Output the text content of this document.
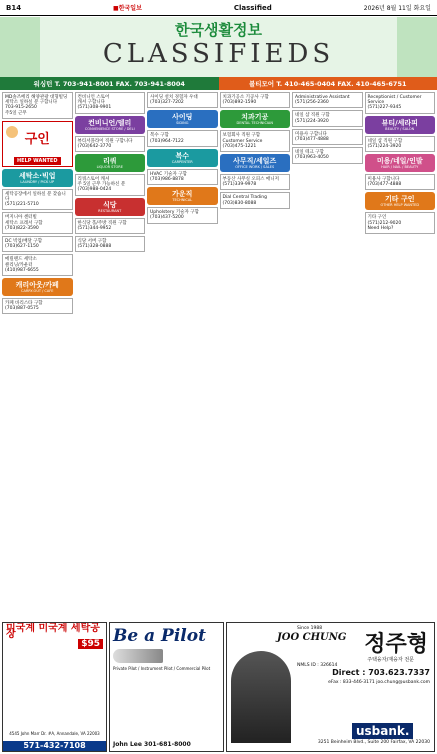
B14	■한국일보	Classified	2026년 8월 11일 화요일
한국생활정보
CLASSIFIEDS
워싱턴 T. 703-941-8001 FAX. 703-941-8004	볼티모어 T. 410-465-0404 FAX. 410-465-6751
MD솔즈베리 해양관광 대형빌딩
세탁소 일하실 분 구합니다
703-915-2650
주5일 근무
구인
HELP WANTED
세탁소·빅업
LAUNDRY / PICK UP
세탁공장에서 일하실 분 찾습니다
(571)221-5710
버지니아 센터빌
세탁소 프레서 구함
(703)822-3590
DC 빅업/배달 구함
(703)627-1150
메릴랜드 세탁소
클리닝/카운터
(410)987-6655
캐리아웃/카페
CARRY-OUT / CAFE
카페 바리스타 구함
(703)887-0575
컨비니언 스토어
캐셔 구합니다
(571)308-9901
컨비니언/델리
CONVENIENCE STORE / DELI
뷰티서플라이 직원 구합니다
(703)642-3770
리쿼
LIQUOR STORE
리쿼스토어 캐셔
주 5일 근무 가능하신 분
(703)988-0424
식당
RESTAURANT
한식당 홀/주방 직원 구함
(571)344-9952
식당 서버 구함
(571)328-0888
사이딩 설치 경험자 우대
(703)327-7202
사이딩
SIDING
복수 구함
(703)964-7122
복수
CARPENTER
HVAC 기술자 구함
(703)986-8878
가운직
TECHNICAL
Upholstery 기술자 구함
(703)437-5200
치과기공소 기공사 구함
(703)892-1590
치과기공
DENTAL TECHNICIAN
보험회사 직원 구함
Customer Service
(703)475-1221
사무직/세일즈
OFFICE WORK / SALES
부동산 사무실 오피스 매니저
(571)339-9978
Dial Central Trading
(703)830-8088
Administrative Assistant
(571)256-2360
네일 샵 직원 구함
(571)224-3920
미용사 구합니다
(703)477-4888
네일 테크 구함
(703)963-4050
Receptionist / Customer Service
(571)227-9345
뷰티/세라피
BEAUTY / SALON
네일 샵 직원 구함
(571)224-3920
미용/네일/인발
HAIR / NAIL / BEAUTY
미용사 구합니다
(703)477-4888
기타 구인
OTHER HELP WANTED
기타 구인
(571)212-9020
Need Help?
미국계 미국계 세탁공장
$95
4545 John Marr Dr. #A, Annandale, VA 22003
571-432-7108
Be a Pilot
Private Pilot / Instrument Pilot / Commercial Pilot
John Lee 301-681-8000
Since 1988
JOO CHUNG 정주형
주택융자/재융자 전문
NMLS ID : 326614
Direct : 703.623.7337
eFax : 833-446-3171 joo.chung@usbank.com
usbank.
3251 Beinheim Blvd., Suite 200 Fairfax, VA 22030
